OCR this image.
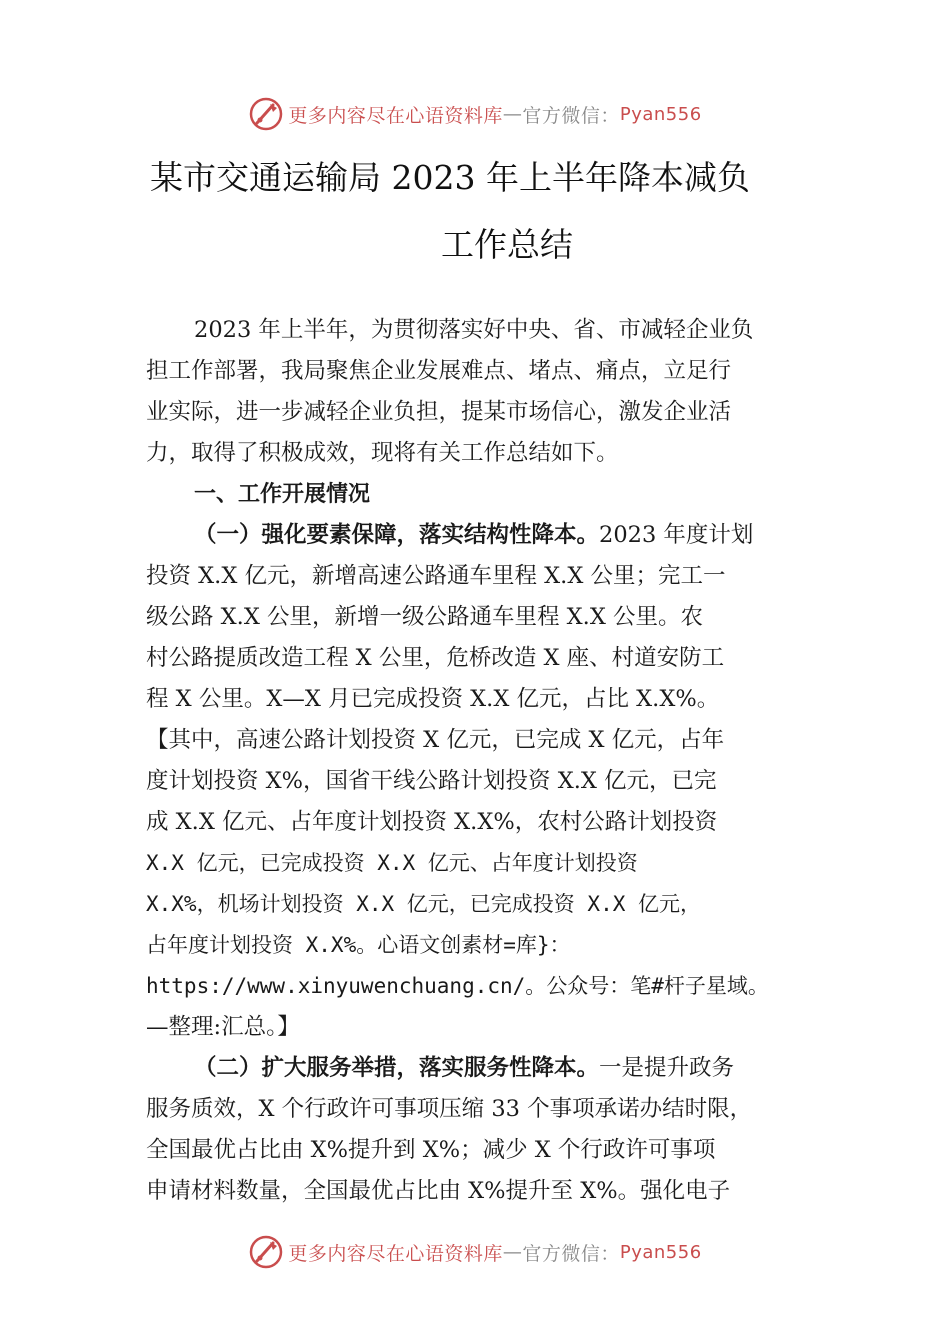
更多内容尽在心语资料库 — 官方微信： Pyan556
某市交通运输局 2023 年上半年降本减负
工作总结
2023 年上半年，为贯彻落实好中央、省、市减轻企业负
担工作部署，我局聚焦企业发展难点、堵点、痛点，立足行
业实际，进一步减轻企业负担，提某市场信心，激发企业活
力，取得了积极成效，现将有关工作总结如下。
一、工作开展情况
（一）强化要素保障，落实结构性降本。 2023 年度计划
投资 X.X 亿元，新增高速公路通车里程 X.X 公里；完工一
级公路 X.X 公里，新增一级公路通车里程 X.X 公里。农
村公路提质改造工程 X 公里，危桥改造 X 座、村道安防工
程 X 公里。X—X 月已完成投资 X.X 亿元，占比 X.X%。
【其中，高速公路计划投资 X 亿元，已完成 X 亿元，占年
度计划投资 X%，国省干线公路计划投资 X.X 亿元，已完
成 X.X 亿元、占年度计划投资 X.X%，农村公路计划投资
X.X 亿元，已完成投资 X.X 亿元、占年度计划投资
X.X%，机场计划投资 X.X 亿元，已完成投资 X.X 亿元，
占年度计划投资 X.X%。心语文创素材=库}：
https://www.xinyuwenchuang.cn/。公众号：笔#杆子星域。
—整理:汇总。】
（二）扩大服务举措，落实服务性降本。 一是提升政务
服务质效，X 个行政许可事项压缩 33 个事项承诺办结时限，
全国最优占比由 X%提升到 X%；减少 X 个行政许可事项
申请材料数量，全国最优占比由 X%提升至 X%。强化电子
更多内容尽在心语资料库 — 官方微信： Pyan556
